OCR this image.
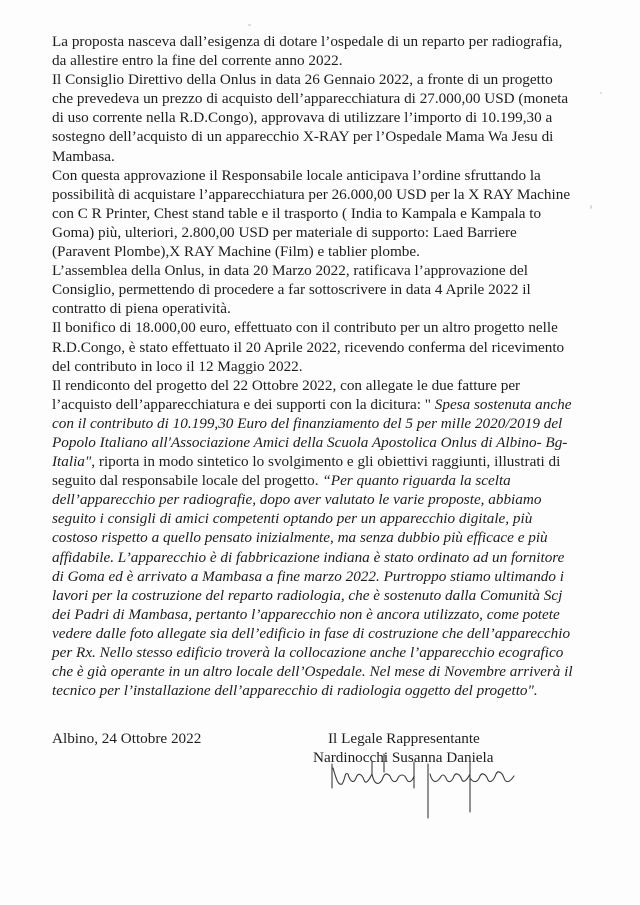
La proposta nasceva dall’esigenza di dotare l’ospedale di un reparto per radiografia,
da allestire entro la fine del corrente anno 2022.
Il Consiglio Direttivo della Onlus in data 26 Gennaio 2022, a fronte di un progetto
che prevedeva un prezzo di acquisto dell’apparecchiatura di 27.000,00 USD (moneta
di uso corrente nella R.D.Congo), approvava di utilizzare l’importo di 10.199,30 a
sostegno dell’acquisto di un apparecchio X-RAY per l’Ospedale Mama Wa Jesu di
Mambasa.
Con questa approvazione il Responsabile locale anticipava l’ordine sfruttando la
possibilità di acquistare l’apparecchiatura per 26.000,00 USD per la X RAY Machine
con C R Printer, Chest stand table e il trasporto ( India to Kampala e Kampala to
Goma) più, ulteriori, 2.800,00 USD per materiale di supporto: Laed Barriere
(Paravent Plombe),X RAY Machine (Film) e tablier plombe.
L’assemblea della Onlus, in data 20 Marzo 2022, ratificava l’approvazione del
Consiglio, permettendo di procedere a far sottoscrivere in data 4 Aprile 2022 il
contratto di piena operatività.
Il bonifico di 18.000,00 euro, effettuato con il contributo per un altro progetto nelle
R.D.Congo, è stato effettuato il 20 Aprile 2022, ricevendo conferma del ricevimento
del contributo in loco il 12 Maggio 2022.
Il rendiconto del progetto del 22 Ottobre 2022, con allegate le due fatture per
l’acquisto dell’apparecchiatura e dei supporti con la dicitura: " Spesa sostenuta anche
con il contributo di 10.199,30 Euro del finanziamento del 5 per mille 2020/2019 del
Popolo Italiano all'Associazione Amici della Scuola Apostolica Onlus di Albino- Bg-
Italia", riporta in modo sintetico lo svolgimento e gli obiettivi raggiunti, illustrati di
seguito dal responsabile locale del progetto. “Per quanto riguarda la scelta
dell’apparecchio per radiografie, dopo aver valutato le varie proposte, abbiamo
seguito i consigli di amici competenti optando per un apparecchio digitale, più
costoso rispetto a quello pensato inizialmente, ma senza dubbio più efficace e più
affidabile. L’apparecchio è di fabbricazione indiana è stato ordinato ad un fornitore
di Goma ed è arrivato a Mambasa a fine marzo 2022. Purtroppo stiamo ultimando i
lavori per la costruzione del reparto radiologia, che è sostenuto dalla Comunità Scj
dei Padri di Mambasa, pertanto l’apparecchio non è ancora utilizzato, come potete
vedere dalle foto allegate sia dell’edificio in fase di costruzione che dell’apparecchio
per Rx. Nello stesso edificio troverà la collocazione anche l’apparecchio ecografico
che è già operante in un altro locale dell’Ospedale. Nel mese di Novembre arriverà il
tecnico per l’installazione dell’apparecchio di radiologia oggetto del progetto".
Albino, 24 Ottobre 2022	Il Legale Rappresentante
Nardinocchi Susanna Daniela
